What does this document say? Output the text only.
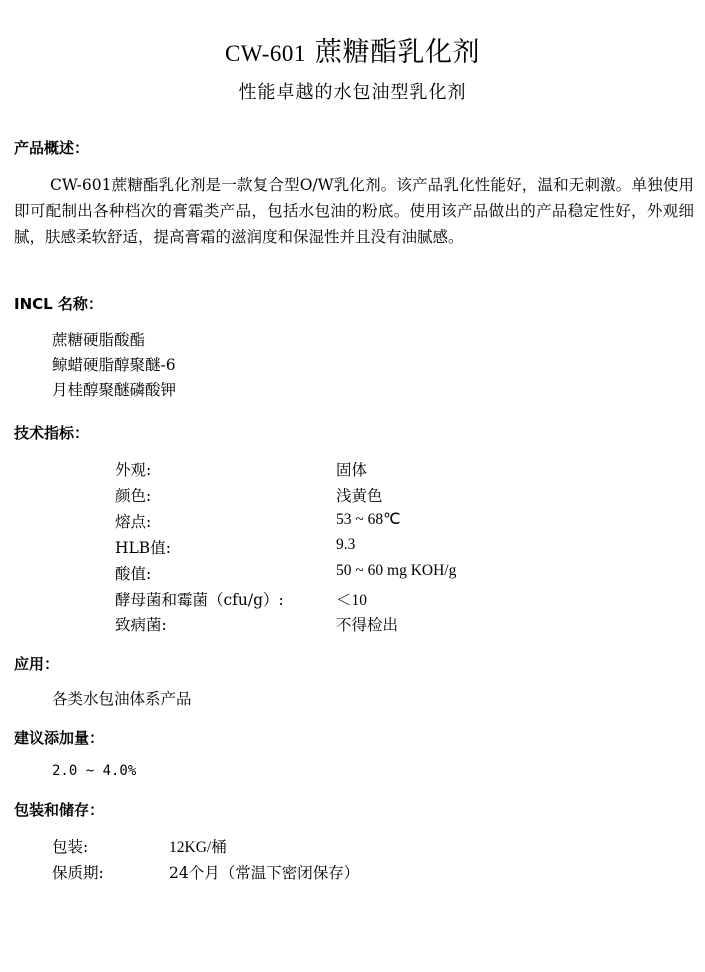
CW-601 蔗糖酯乳化剂
性能卓越的水包油型乳化剂
产品概述：
CW-601蔗糖酯乳化剂是一款复合型O/W乳化剂。该产品乳化性能好，温和无刺激。单独使用即可配制出各种档次的膏霜类产品，包括水包油的粉底。使用该产品做出的产品稳定性好，外观细腻，肤感柔软舒适，提高膏霜的滋润度和保湿性并且没有油腻感。
INCL 名称：
蔗糖硬脂酸酯
鲸蜡硬脂醇聚醚-6
月桂醇聚醚磷酸钾
技术指标：
外观:	固体
颜色:	浅黄色
熔点:	53 ~ 68℃
HLB值:	9.3
酸值:	50 ~ 60 mg KOH/g
酵母菌和霉菌（cfu/g）:	＜10
致病菌:	不得检出
应用：
各类水包油体系产品
建议添加量：
2.0 ~ 4.0%
包装和储存：
包装:	12KG/桶
保质期:	24个月（常温下密闭保存）
